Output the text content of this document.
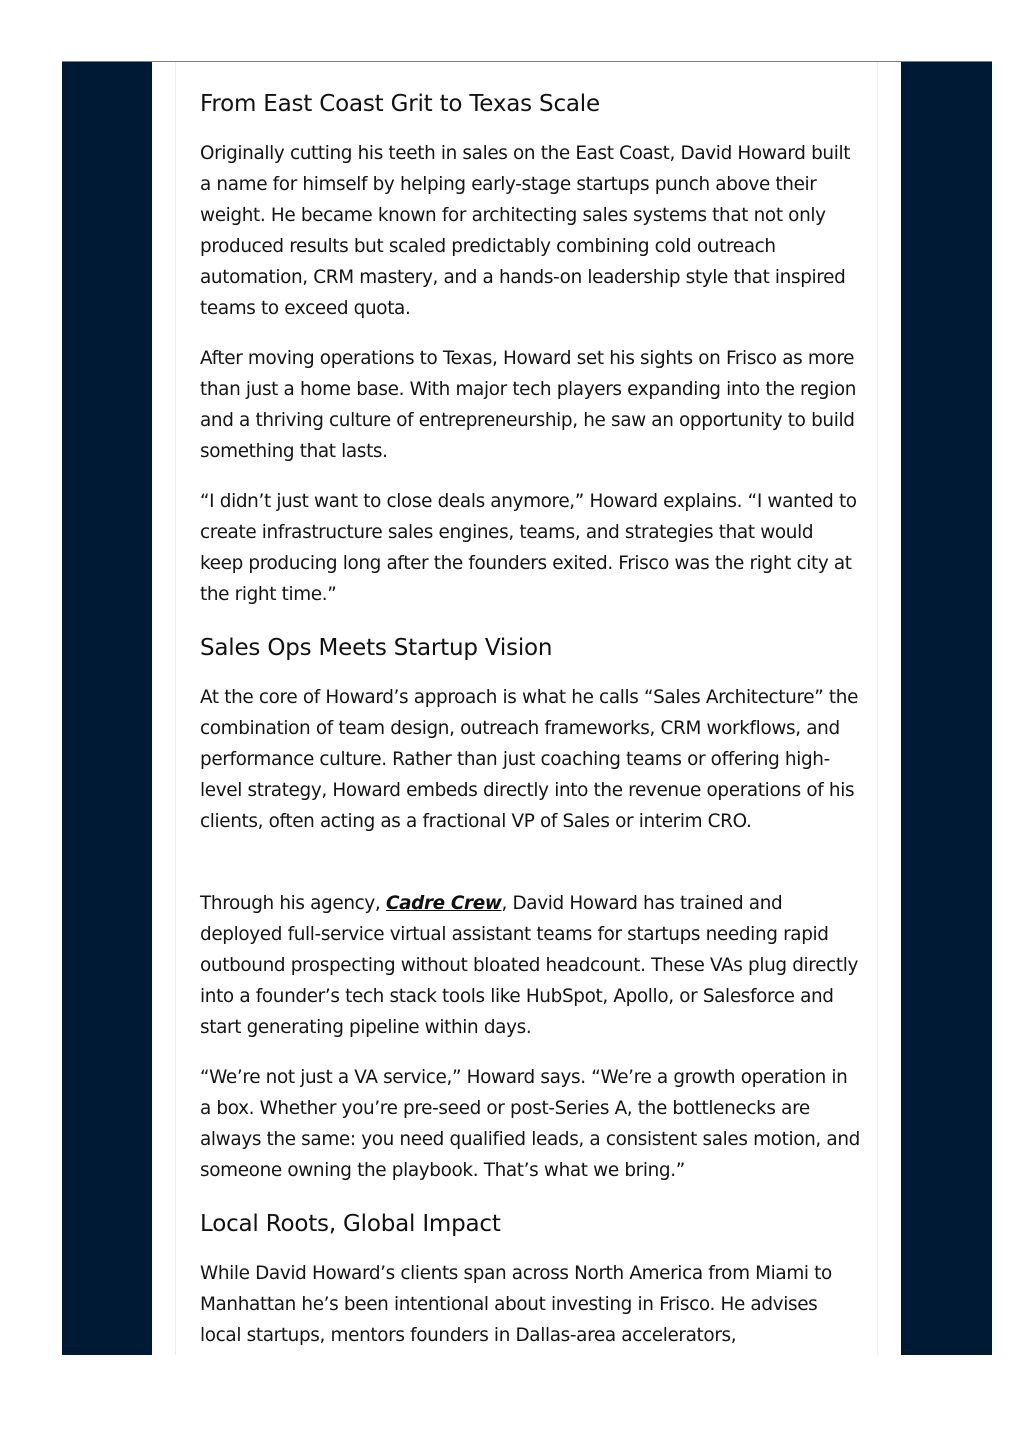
From East Coast Grit to Texas Scale

Originally cutting his teeth in sales on the East Coast, David Howard built a name for himself by helping early-stage startups punch above their weight. He became known for architecting sales systems that not only produced results but scaled predictably combining cold outreach automation, CRM mastery, and a hands-on leadership style that inspired teams to exceed quota.

After moving operations to Texas, Howard set his sights on Frisco as more than just a home base. With major tech players expanding into the region and a thriving culture of entrepreneurship, he saw an opportunity to build something that lasts.

“I didn’t just want to close deals anymore,” Howard explains. “I wanted to create infrastructure sales engines, teams, and strategies that would keep producing long after the founders exited. Frisco was the right city at the right time.”

Sales Ops Meets Startup Vision

At the core of Howard’s approach is what he calls “Sales Architecture” the combination of team design, outreach frameworks, CRM workflows, and performance culture. Rather than just coaching teams or offering high-level strategy, Howard embeds directly into the revenue operations of his clients, often acting as a fractional VP of Sales or interim CRO.

Through his agency, Cadre Crew, David Howard has trained and deployed full-service virtual assistant teams for startups needing rapid outbound prospecting without bloated headcount. These VAs plug directly into a founder’s tech stack tools like HubSpot, Apollo, or Salesforce and start generating pipeline within days.

“We’re not just a VA service,” Howard says. “We’re a growth operation in a box. Whether you’re pre-seed or post-Series A, the bottlenecks are always the same: you need qualified leads, a consistent sales motion, and someone owning the playbook. That’s what we bring.”

Local Roots, Global Impact

While David Howard’s clients span across North America from Miami to Manhattan he’s been intentional about investing in Frisco. He advises local startups, mentors founders in Dallas-area accelerators,
